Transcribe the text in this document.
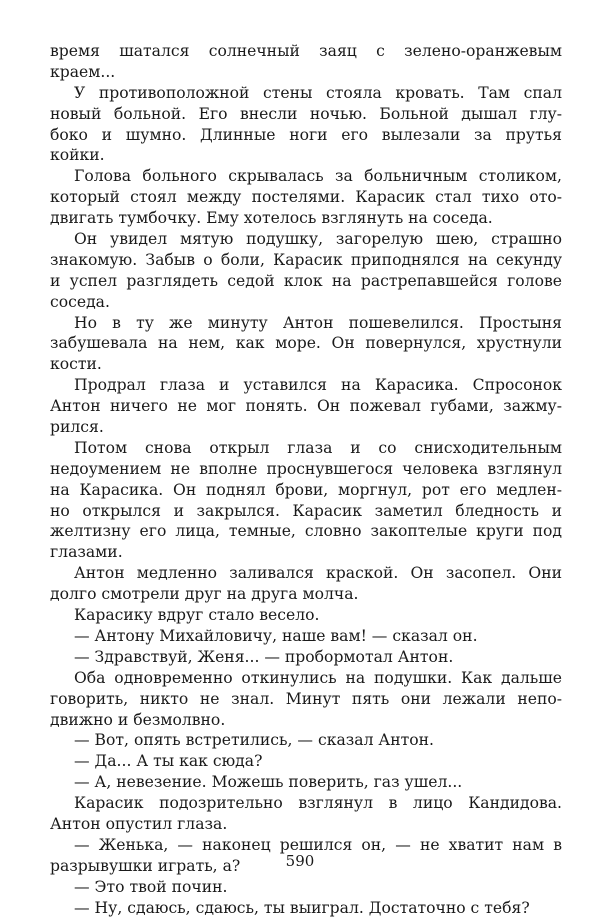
время шатался солнечный заяц с зелено-оранжевым
краем...
У противоположной стены стояла кровать. Там спал
новый больной. Его внесли ночью. Больной дышал глу-
боко и шумно. Длинные ноги его вылезали за прутья
койки.
Голова больного скрывалась за больничным столиком,
который стоял между постелями. Карасик стал тихо ото-
двигать тумбочку. Ему хотелось взглянуть на соседа.
Он увидел мятую подушку, загорелую шею, страшно
знакомую. Забыв о боли, Карасик приподнялся на секунду
и успел разглядеть седой клок на растрепавшейся голове
соседа.
Но в ту же минуту Антон пошевелился. Простыня
забушевала на нем, как море. Он повернулся, хрустнули
кости.
Продрал глаза и уставился на Карасика. Спросонок
Антон ничего не мог понять. Он пожевал губами, зажму-
рился.
Потом снова открыл глаза и со снисходительным
недоумением не вполне проснувшегося человека взглянул
на Карасика. Он поднял брови, моргнул, рот его медлен-
но открылся и закрылся. Карасик заметил бледность и
желтизну его лица, темные, словно закоптелые круги под
глазами.
Антон медленно заливался краской. Он засопел. Они
долго смотрели друг на друга молча.
Карасику вдруг стало весело.
— Антону Михайловичу, наше вам! — сказал он.
— Здравствуй, Женя... — пробормотал Антон.
Оба одновременно откинулись на подушки. Как дальше
говорить, никто не знал. Минут пять они лежали непо-
движно и безмолвно.
— Вот, опять встретились, — сказал Антон.
— Да... А ты как сюда?
— А, невезение. Можешь поверить, газ ушел...
Карасик подозрительно взглянул в лицо Кандидова.
Антон опустил глаза.
— Женька, — наконец решился он, — не хватит нам в
разрывушки играть, а?
— Это твой почин.
— Ну, сдаюсь, сдаюсь, ты выиграл. Достаточно с тебя?
590
